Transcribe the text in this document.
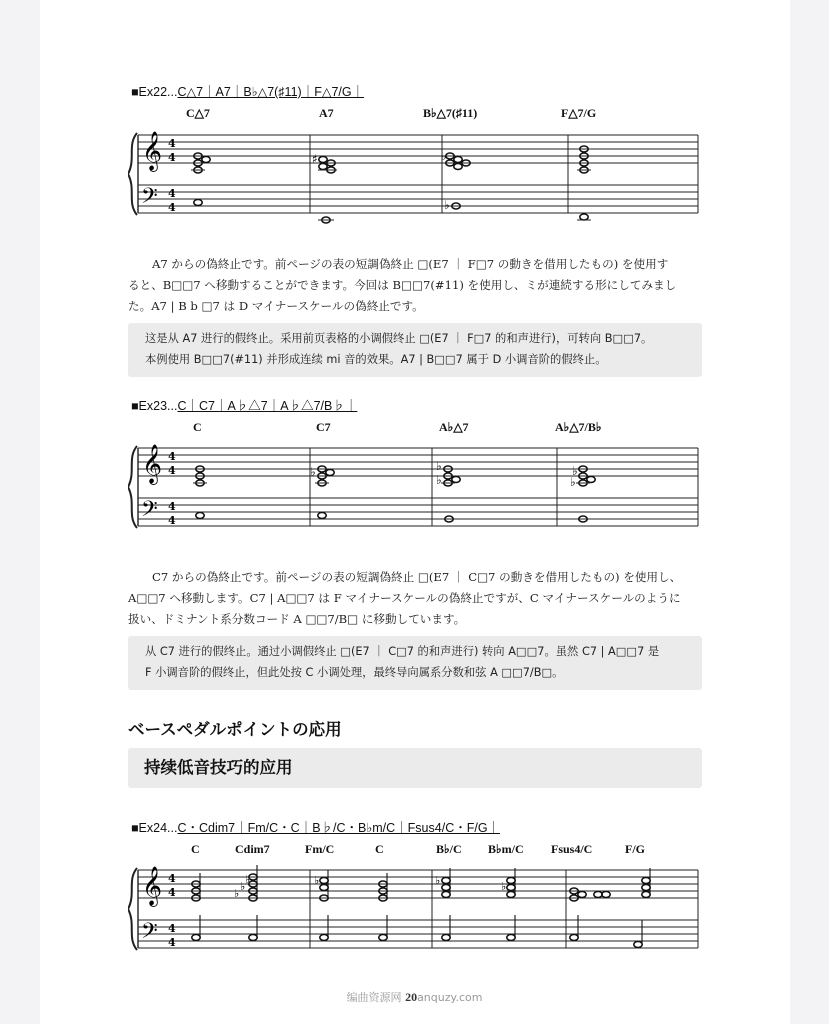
■Ex22...C△7｜A7｜B♭△7(♯11)｜F△7/G｜
C△7	A7	B♭△7(♯11)	F△7/G
𝄞
𝄢
4
4
4
4
♯	♭
♭

A7 からの偽終止です。前ページの表の短調偽終止 □(E7 ｜ F□7 の動きを借用したもの) を使用す

ると、B□□7 へ移動することができます。今回は B□□7(#11) を使用し、ミが連続する形にしてみまし

た。A7 | B b □7 は D マイナースケールの偽終止です。

这是从 A7 进行的假终止。采用前页表格的小调假终止 □(E7 ｜ F□7 的和声进行)，可转向 B□□7。
本例使用 B□□7(#11) 并形成连续 mi 音的效果。A7 | B□□7 属于 D 小调音阶的假终止。
■Ex23...C｜C7｜A♭△7｜A♭△7/B♭｜
C	C7	A♭△7	A♭△7/B♭
𝄞
𝄢
4
4
4
4
♭	♭
♭
♭
♭

C7 からの偽終止です。前ページの表の短調偽終止 □(E7 ｜ C□7 の動きを借用したもの) を使用し、

A□□7 へ移動します。C7 | A□□7 は F マイナースケールの偽終止ですが、C マイナースケールのように

扱い、ドミナント系分数コード A □□7/B□ に移動しています。

从 C7 进行的假终止。通过小调假终止 □(E7 ｜ C□7 的和声进行) 转向 A□□7。虽然 C7 | A□□7 是
F 小调音阶的假终止，但此处按 C 小调处理，最终导向属系分数和弦 A □□7/B□。
ベースペダルポイントの応用
持续低音技巧的应用
■Ex24...C・Cdim7｜Fm/C・C｜B♭/C・B♭m/C｜Fsus4/C・F/G｜
C	Cdim7	Fm/C	C	B♭/C B♭m/C Fsus4/C	F/G
𝄞
𝄢
4
4
4
4
♭
♭
♭	♭	♭	♭
编曲资源网 20anquzy.com
